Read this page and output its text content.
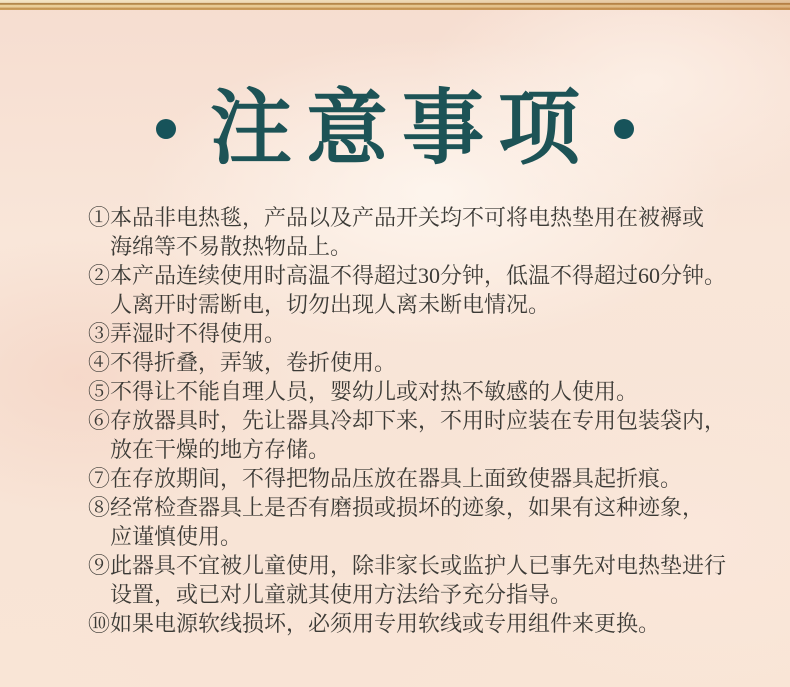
注意事项
①本品非电热毯，产品以及产品开关均不可将电热垫用在被褥或
海绵等不易散热物品上。
②本产品连续使用时高温不得超过30分钟，低温不得超过60分钟。
人离开时需断电，切勿出现人离未断电情况。
③弄湿时不得使用。
④不得折叠，弄皱，卷折使用。
⑤不得让不能自理人员，婴幼儿或对热不敏感的人使用。
⑥存放器具时，先让器具冷却下来，不用时应装在专用包装袋内，
放在干燥的地方存储。
⑦在存放期间，不得把物品压放在器具上面致使器具起折痕。
⑧经常检查器具上是否有磨损或损坏的迹象，如果有这种迹象，
应谨慎使用。
⑨此器具不宜被儿童使用，除非家长或监护人已事先对电热垫进行
设置，或已对儿童就其使用方法给予充分指导。
⑩如果电源软线损坏，必须用专用软线或专用组件来更换。
